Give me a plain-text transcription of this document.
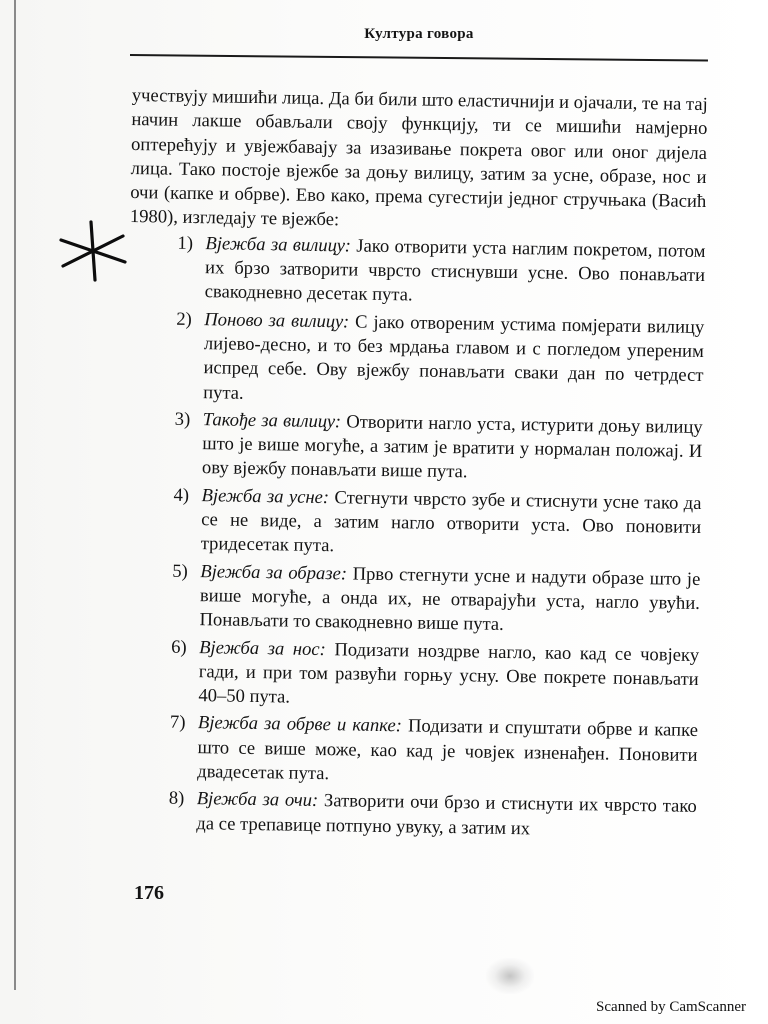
Култура говора

учествују мишићи лица. Да би били што еластичнији и ојачали, те на тај начин лакше обављали своју функцију, ти се мишићи намјерно оптерећују и увјежбавају за изазивање покрета овог или оног дијела лица. Тако постоје вјежбе за доњу вилицу, затим за усне, образе, нос и очи (капке и обрве). Ево како, према сугестији једног стручњака (Васић 1980), изгледају те вјежбе:

1) Вјежба за вилицу: Јако отворити уста наглим покретом, потом их брзо затворити чврсто стиснувши усне. Ово понављати свакодневно десетак пута.
2) Поново за вилицу: С јако отвореним устима помјерати вилицу лијево-десно, и то без мрдања главом и с погледом упереним испред себе. Ову вјежбу понављати сваки дан по четрдест пута.
3) Такође за вилицу: Отворити нагло уста, истурити доњу вилицу што је више могуће, а затим је вратити у нормалан положај. И ову вјежбу понављати више пута.
4) Вјежба за усне: Стегнути чврсто зубе и стиснути усне тако да се не виде, а затим нагло отворити уста. Ово поновити тридесетак пута.
5) Вјежба за образе: Прво стегнути усне и надути образе што је више могуће, а онда их, не отварајући уста, нагло увући. Понављати то свакодневно више пута.
6) Вјежба за нос: Подизати ноздрве нагло, као кад се човјеку гади, и при том развући горњу усну. Ове покрете понављати 40–50 пута.
7) Вјежба за обрве и капке: Подизати и спуштати обрве и капке што се више може, као кад је човјек изненађен. Поновити двадесетак пута.
8) Вјежба за очи: Затворити очи брзо и стиснути их чврсто тако да се трепавице потпуно увуку, а затим их
176
Scanned by CamScanner
